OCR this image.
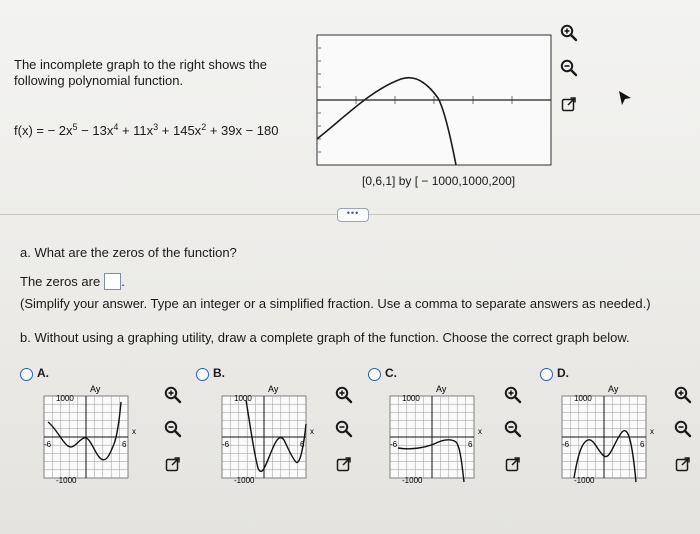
The incomplete graph to the right shows the following polynomial function.
f(x) = − $2x^5 - 13x^4 + 11x^3 + 145x^2 + 39x - 180$
[0,6,1] by [ − 1000,1000,200]
•••
a. What are the zeros of the function?
The zeros are .
(Simplify your answer. Type an integer or a simplified fraction. Use a comma to separate answers as needed.)
b. Without using a graphing utility, draw a complete graph of the function. Choose the correct graph below.
A.
Ay
1000
-1000
-6	6
x
B.
Ay
1000
-1000
-6	6
x
C.
Ay
1000
-1000
-6	6
x
D.
Ay
1000
-1000
-6	6
x
